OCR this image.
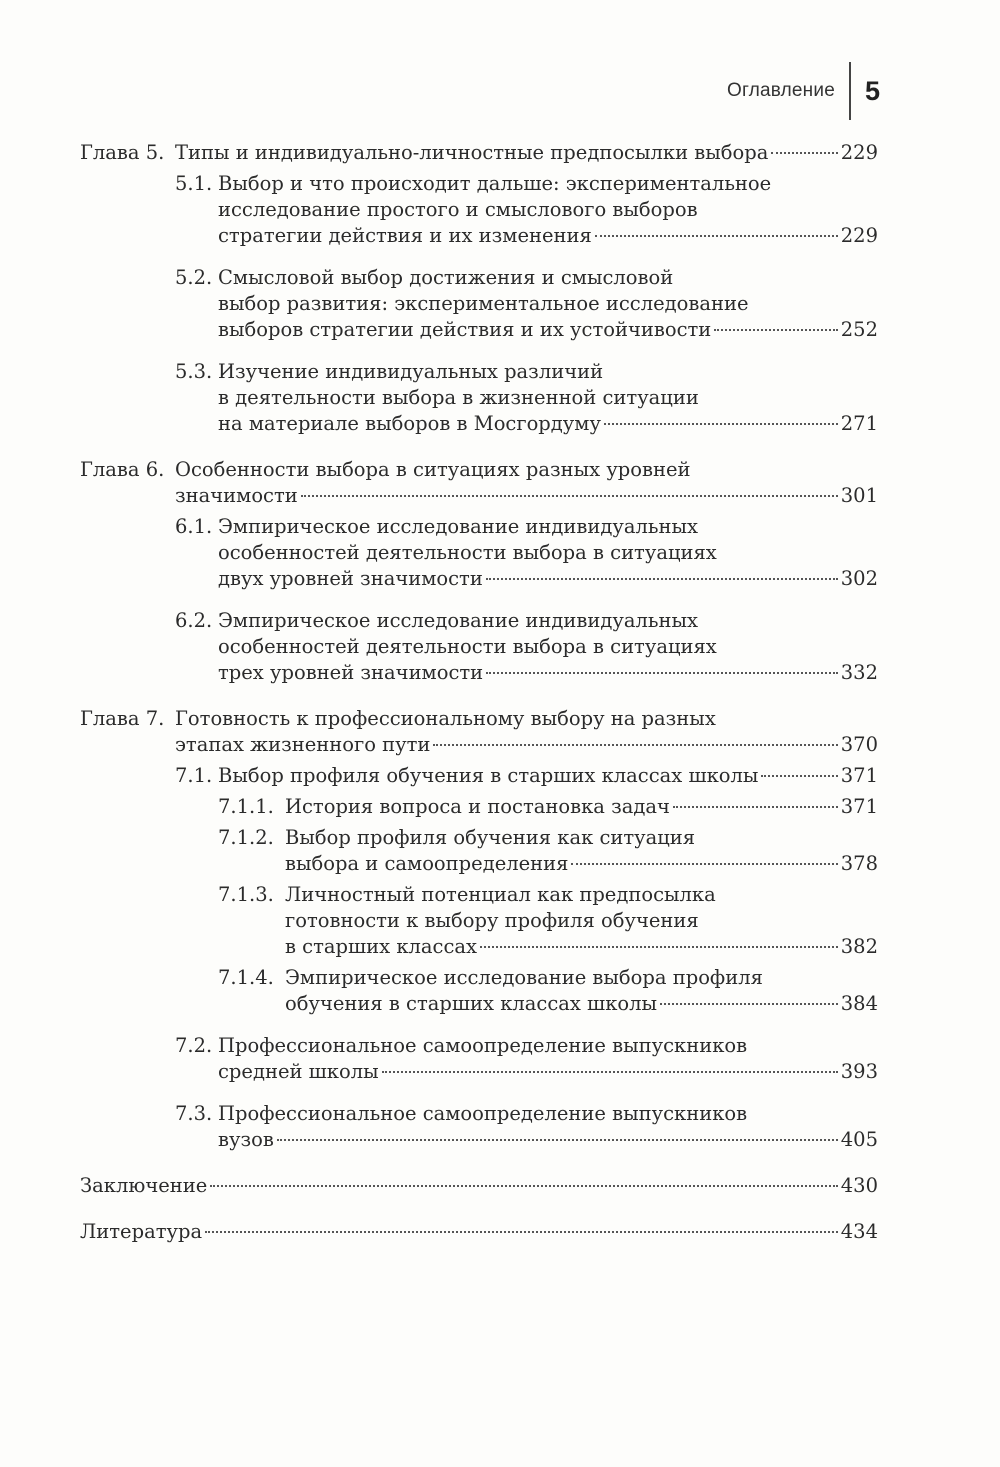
Оглавление 5
Глава 5. Типы и индивидуально-личностные предпосылки выбора	229
5.1. Выбор и что происходит дальше: экспериментальное
исследование простого и смыслового выборов
стратегии действия и их изменения	229
5.2. Смысловой выбор достижения и смысловой
выбор развития: экспериментальное исследование
выборов стратегии действия и их устойчивости	252
5.3. Изучение индивидуальных различий
в деятельности выбора в жизненной ситуации
на материале выборов в Мосгордуму	271
Глава 6. Особенности выбора в ситуациях разных уровней
значимости	301
6.1. Эмпирическое исследование индивидуальных
особенностей деятельности выбора в ситуациях
двух уровней значимости	302
6.2. Эмпирическое исследование индивидуальных
особенностей деятельности выбора в ситуациях
трех уровней значимости	332
Глава 7. Готовность к профессиональному выбору на разных
этапах жизненного пути	370
7.1. Выбор профиля обучения в старших классах школы	371
7.1.1. История вопроса и постановка задач	371
7.1.2. Выбор профиля обучения как ситуация
выбора и самоопределения	378
7.1.3. Личностный потенциал как предпосылка
готовности к выбору профиля обучения
в старших классах	382
7.1.4. Эмпирическое исследование выбора профиля
обучения в старших классах школы	384
7.2. Профессиональное самоопределение выпускников
средней школы	393
7.3. Профессиональное самоопределение выпускников
вузов	405
Заключение	430
Литература	434
